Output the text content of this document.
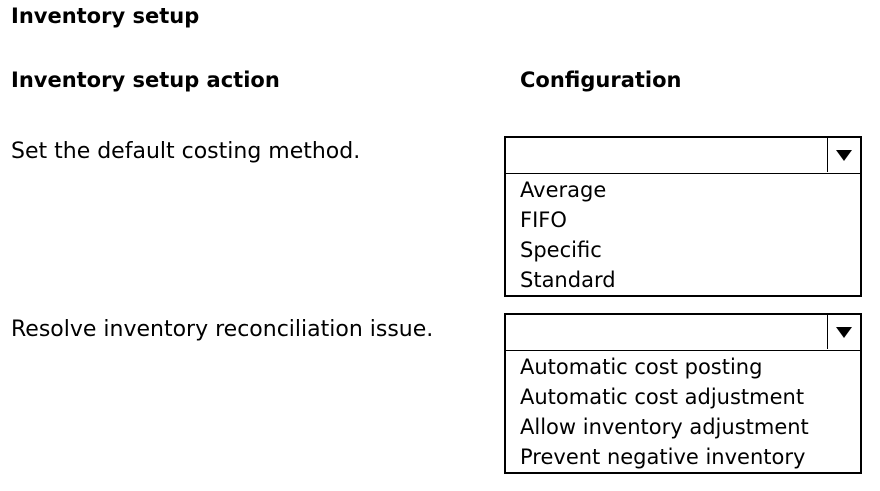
Inventory setup
Inventory setup action	Configuration
Set the default costing method.
Average
FIFO
Specific
Standard
Resolve inventory reconciliation issue.
Automatic cost posting
Automatic cost adjustment
Allow inventory adjustment
Prevent negative inventory
